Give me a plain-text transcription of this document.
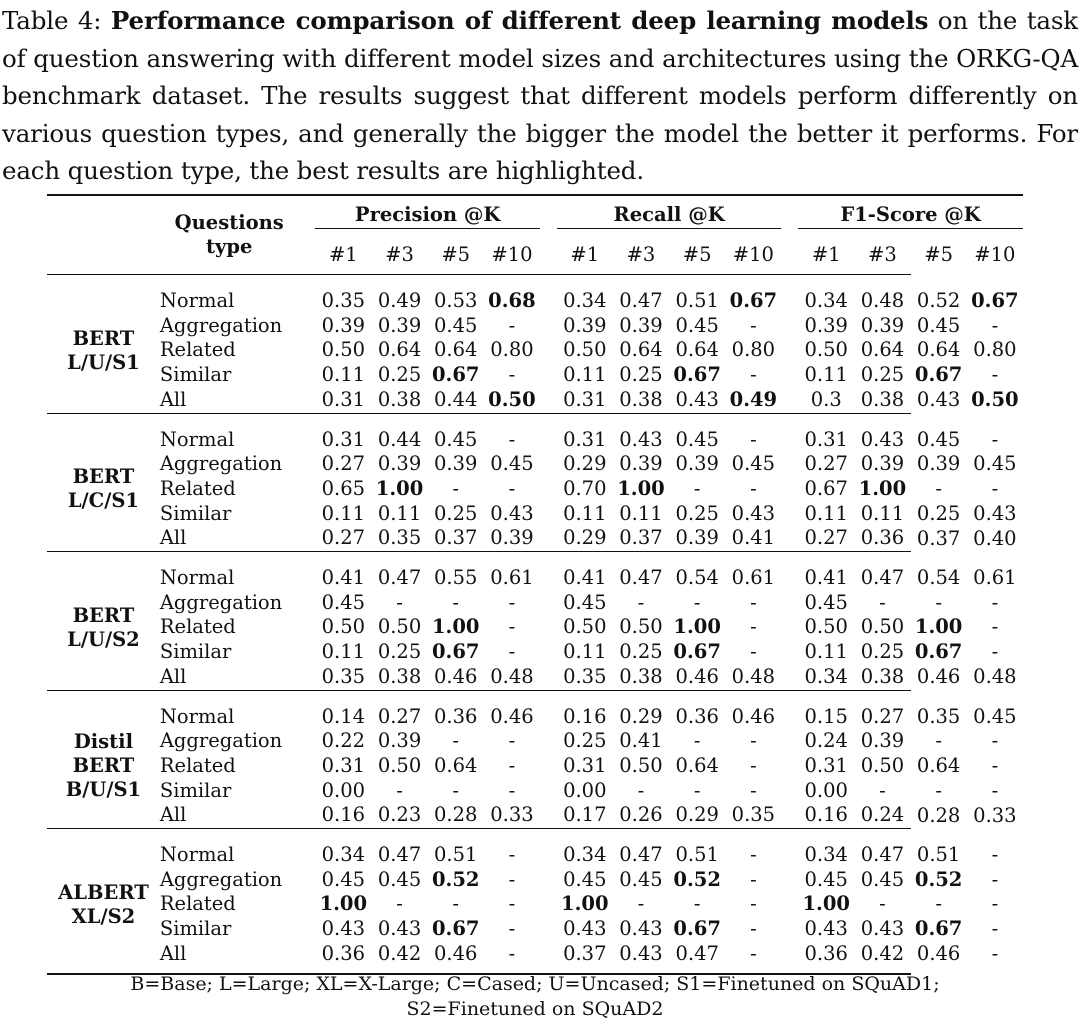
Table 4: Performance comparison of different deep learning models on the task of question answering with different model sizes and architectures using the ORKG-QA benchmark dataset. The results suggest that different models perform differently on various question types, and generally the bigger the model the better it performs. For each question type, the best results are highlighted.
	Questions type		Precision @K					Recall @K					F1-Score @K			

			#1	#3	#5	#10		#1	#3	#5	#10		#1	#3	#5	#10

BERT L/U/S1	Normal		0.35	0.49	0.53	0.68		0.34	0.47	0.51	0.67		0.34	0.48	0.52	0.67
	Aggregation		0.39	0.39	0.45	-		0.39	0.39	0.45	-		0.39	0.39	0.45	-
	Related		0.50	0.64	0.64	0.80		0.50	0.64	0.64	0.80		0.50	0.64	0.64	0.80
	Similar		0.11	0.25	0.67	-		0.11	0.25	0.67	-		0.11	0.25	0.67	-
	All		0.31	0.38	0.44	0.50		0.31	0.38	0.43	0.49		0.3	0.38	0.43	0.50

BERT L/C/S1	Normal		0.31	0.44	0.45	-		0.31	0.43	0.45	-		0.31	0.43	0.45	-
	Aggregation		0.27	0.39	0.39	0.45		0.29	0.39	0.39	0.45		0.27	0.39	0.39	0.45
	Related		0.65	1.00	-	-		0.70	1.00	-	-		0.67	1.00	-	-
	Similar		0.11	0.11	0.25	0.43		0.11	0.11	0.25	0.43		0.11	0.11	0.25	0.43
	All		0.27	0.35	0.37	0.39		0.29	0.37	0.39	0.41		0.27	0.36	0.37	0.40

BERT L/U/S2	Normal		0.41	0.47	0.55	0.61		0.41	0.47	0.54	0.61		0.41	0.47	0.54	0.61
	Aggregation		0.45	-	-	-		0.45	-	-	-		0.45	-	-	-
	Related		0.50	0.50	1.00	-		0.50	0.50	1.00	-		0.50	0.50	1.00	-
	Similar		0.11	0.25	0.67	-		0.11	0.25	0.67	-		0.11	0.25	0.67	-
	All		0.35	0.38	0.46	0.48		0.35	0.38	0.46	0.48		0.34	0.38	0.46	0.48

Distil BERT B/U/S1	Normal		0.14	0.27	0.36	0.46		0.16	0.29	0.36	0.46		0.15	0.27	0.35	0.45
	Aggregation		0.22	0.39	-	-		0.25	0.41	-	-		0.24	0.39	-	-
	Related		0.31	0.50	0.64	-		0.31	0.50	0.64	-		0.31	0.50	0.64	-
	Similar		0.00	-	-	-		0.00	-	-	-		0.00	-	-	-
	All		0.16	0.23	0.28	0.33		0.17	0.26	0.29	0.35		0.16	0.24	0.28	0.33

ALBERT XL/S2	Normal		0.34	0.47	0.51	-		0.34	0.47	0.51	-		0.34	0.47	0.51	-
	Aggregation		0.45	0.45	0.52	-		0.45	0.45	0.52	-		0.45	0.45	0.52	-
	Related		1.00	-	-	-		1.00	-	-	-		1.00	-	-	-
	Similar		0.43	0.43	0.67	-		0.43	0.43	0.67	-		0.43	0.43	0.67	-
	All		0.36	0.42	0.46	-		0.37	0.43	0.47	-		0.36	0.42	0.46	-

B=Base; L=Large; XL=X-Large; C=Cased; U=Uncased; S1=Finetuned on SQuAD1;
S2=Finetuned on SQuAD2
